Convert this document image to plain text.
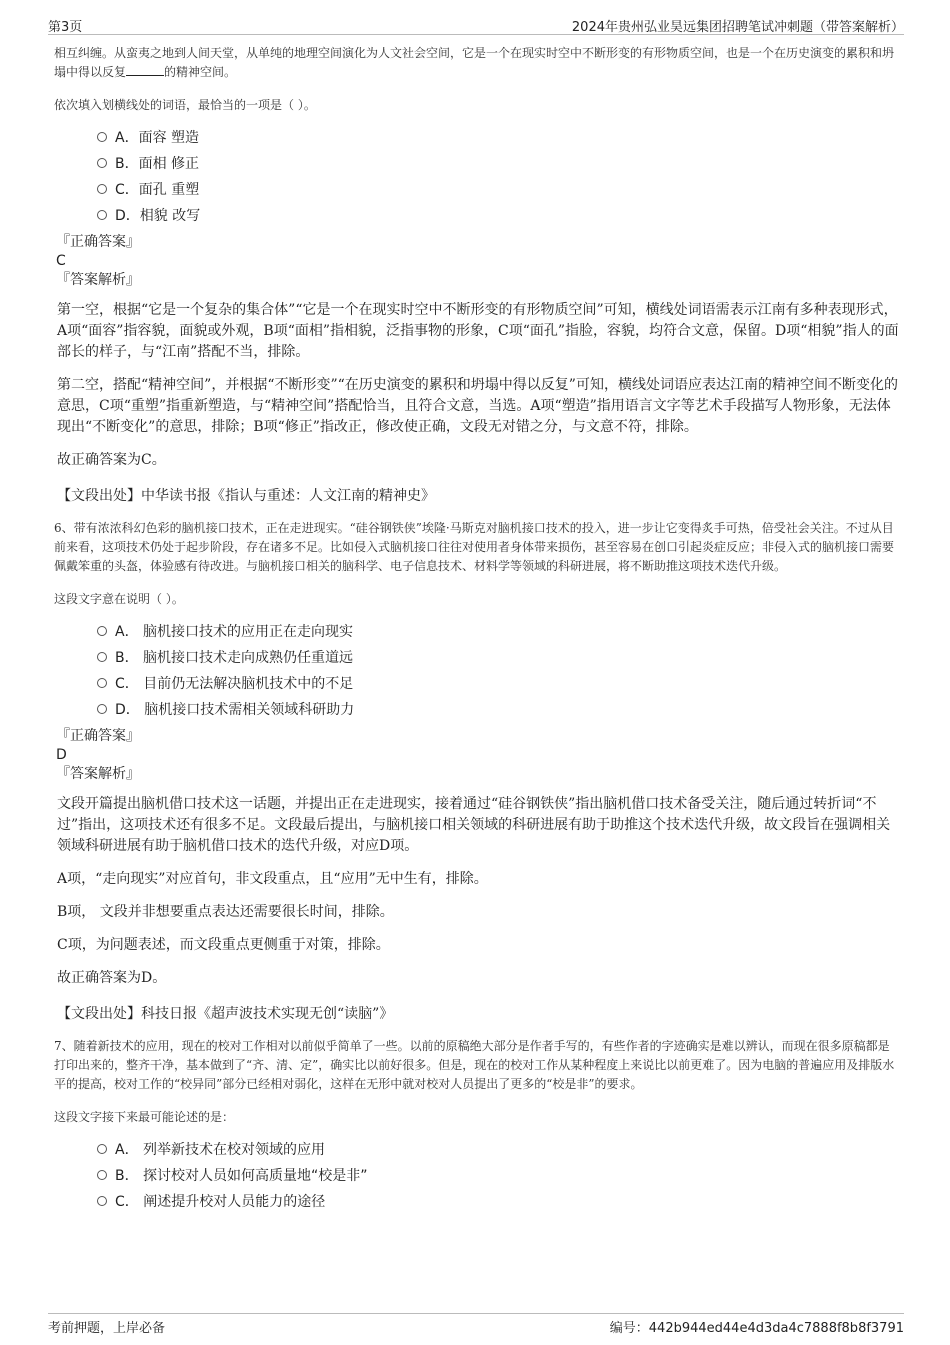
第3页	2024年贵州弘业昊远集团招聘笔试冲刺题（带答案解析）

相互纠缠。从蛮夷之地到人间天堂，从单纯的地理空间演化为人文社会空间，它是一个在现实时空中不断形变的有形物质空间，也是一个在历史演变的累积和坍塌中得以反复	的精神空间。

依次填入划横线处的词语，最恰当的一项是（ ）。

A．面容 塑造
B．面相 修正
C．面孔 重塑
D．相貌 改写

『正确答案』

C

『答案解析』

第一空，根据“它是一个复杂的集合体”“它是一个在现实时空中不断形变的有形物质空间”可知，横线处词语需表示江南有多种表现形式，A项“面容”指容貌，面貌或外观，B项“面相”指相貌，泛指事物的形象，C项“面孔”指脸，容貌，均符合文意，保留。D项“相貌”指人的面部长的样子，与“江南”搭配不当，排除。

第二空，搭配“精神空间”，并根据“不断形变”“在历史演变的累积和坍塌中得以反复”可知，横线处词语应表达江南的精神空间不断变化的意思，C项“重塑”指重新塑造，与“精神空间”搭配恰当，且符合文意，当选。A项“塑造”指用语言文字等艺术手段描写人物形象，无法体现出“不断变化”的意思，排除；B项“修正”指改正，修改使正确，文段无对错之分，与文意不符，排除。

故正确答案为C。

【文段出处】中华读书报《指认与重述：人文江南的精神史》

6、带有浓浓科幻色彩的脑机接口技术，正在走进现实。“硅谷钢铁侠”埃隆·马斯克对脑机接口技术的投入，进一步让它变得炙手可热，倍受社会关注。不过从目前来看，这项技术仍处于起步阶段，存在诸多不足。比如侵入式脑机接口往往对使用者身体带来损伤，甚至容易在创口引起炎症反应；非侵入式的脑机接口需要佩戴笨重的头盔，体验感有待改进。与脑机接口相关的脑科学、电子信息技术、材料学等领域的科研进展，将不断助推这项技术迭代升级。

这段文字意在说明（ ）。

A． 脑机接口技术的应用正在走向现实
B． 脑机接口技术走向成熟仍任重道远
C． 目前仍无法解决脑机技术中的不足
D． 脑机接口技术需相关领域科研助力

『正确答案』

D

『答案解析』

文段开篇提出脑机借口技术这一话题，并提出正在走进现实，接着通过“硅谷钢铁侠”指出脑机借口技术备受关注，随后通过转折词“不过”指出，这项技术还有很多不足。文段最后提出，与脑机接口相关领域的科研进展有助于助推这个技术迭代升级，故文段旨在强调相关领域科研进展有助于脑机借口技术的迭代升级，对应D项。

A项，“走向现实”对应首句，非文段重点，且“应用”无中生有，排除。

B项， 文段并非想要重点表达还需要很长时间，排除。

C项，为问题表述，而文段重点更侧重于对策，排除。

故正确答案为D。

【文段出处】科技日报《超声波技术实现无创“读脑”》

7、随着新技术的应用，现在的校对工作相对以前似乎简单了一些。以前的原稿绝大部分是作者手写的，有些作者的字迹确实是难以辨认，而现在很多原稿都是打印出来的，整齐干净，基本做到了“齐、清、定”，确实比以前好很多。但是，现在的校对工作从某种程度上来说比以前更难了。因为电脑的普遍应用及排版水平的提高，校对工作的“校异同”部分已经相对弱化，这样在无形中就对校对人员提出了更多的“校是非”的要求。

这段文字接下来最可能论述的是：

A． 列举新技术在校对领域的应用
B． 探讨校对人员如何高质量地“校是非”
C． 阐述提升校对人员能力的途径
考前押题，上岸必备	编号：442b944ed44e4d3da4c7888f8b8f3791
